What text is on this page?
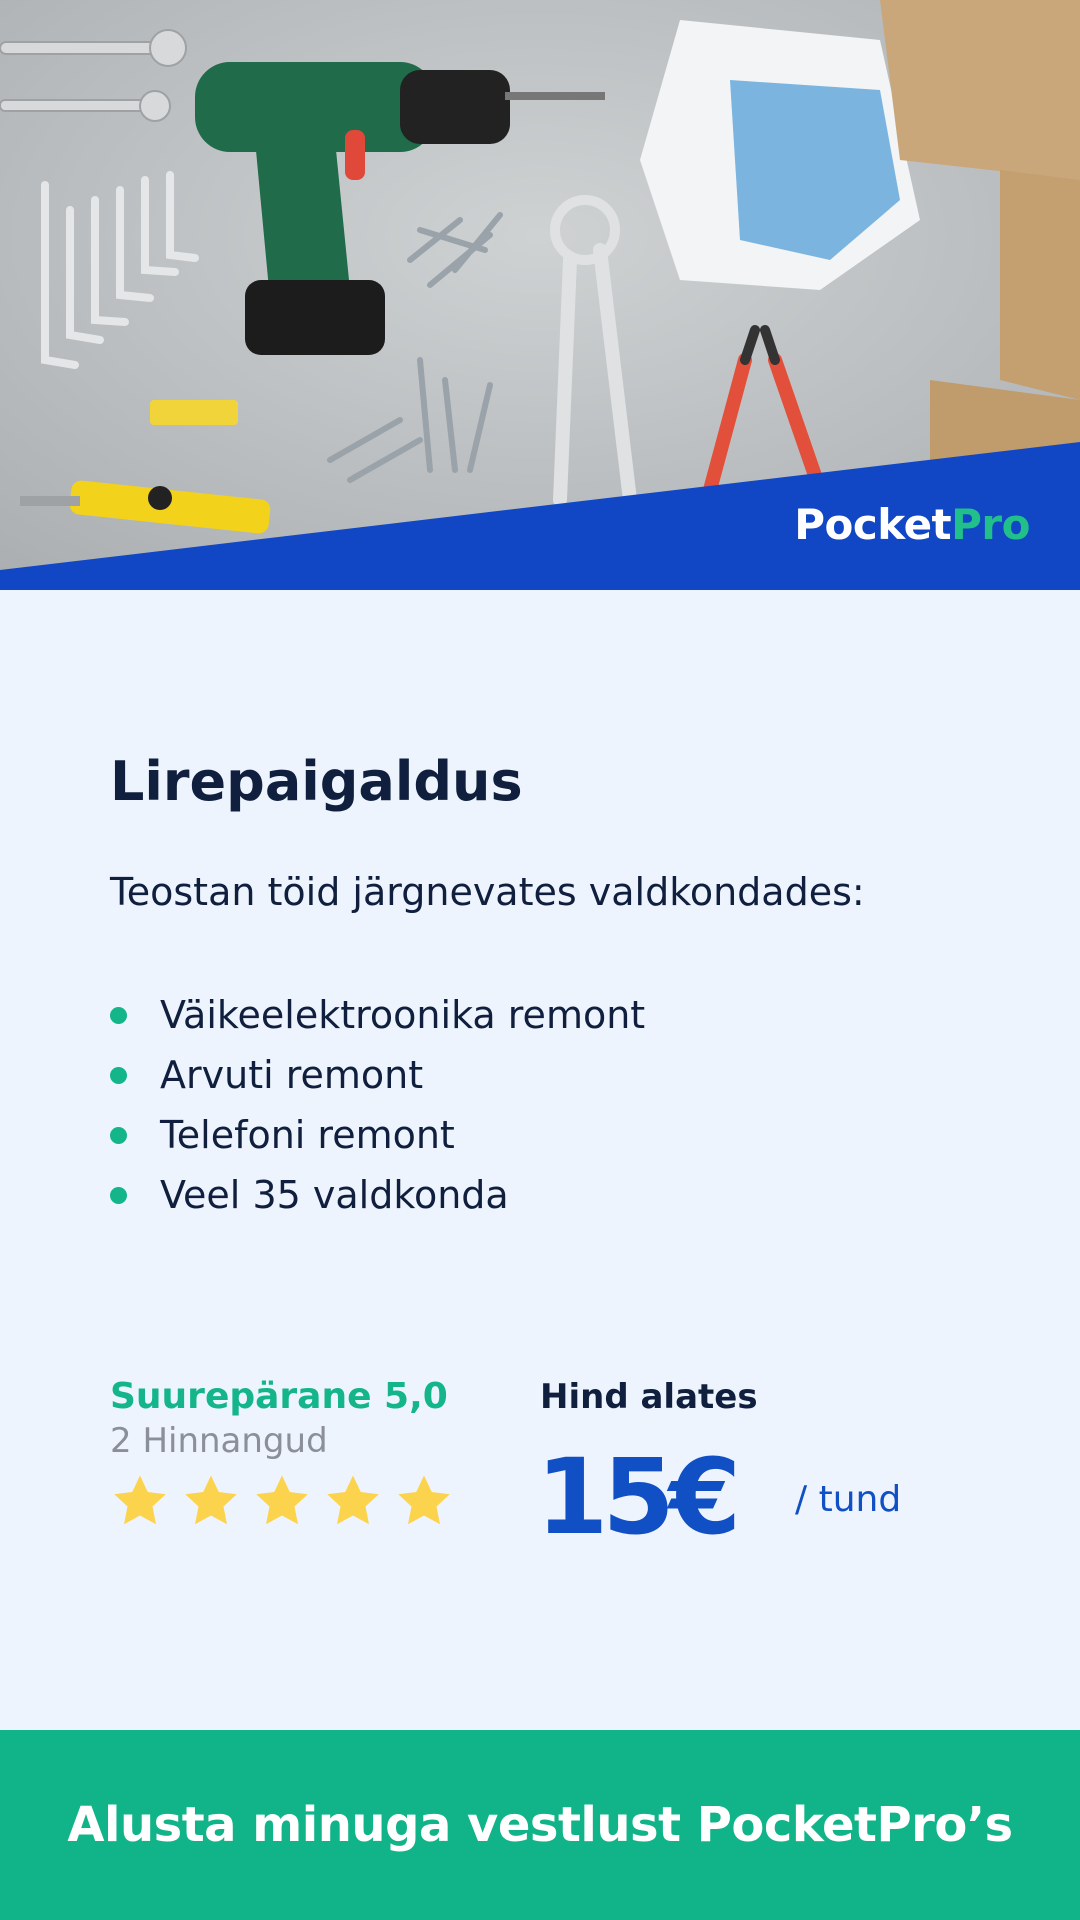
PocketPro
Lirepaigaldus

Teostan töid järgnevates valdkondades:

Väikeelektroonika remont
Arvuti remont
Telefoni remont
Veel 35 valdkonda
Suurepärane 5,0
2 Hinnangud
Hind alates
15€ / tund
Alusta minuga vestlust PocketPro’s
